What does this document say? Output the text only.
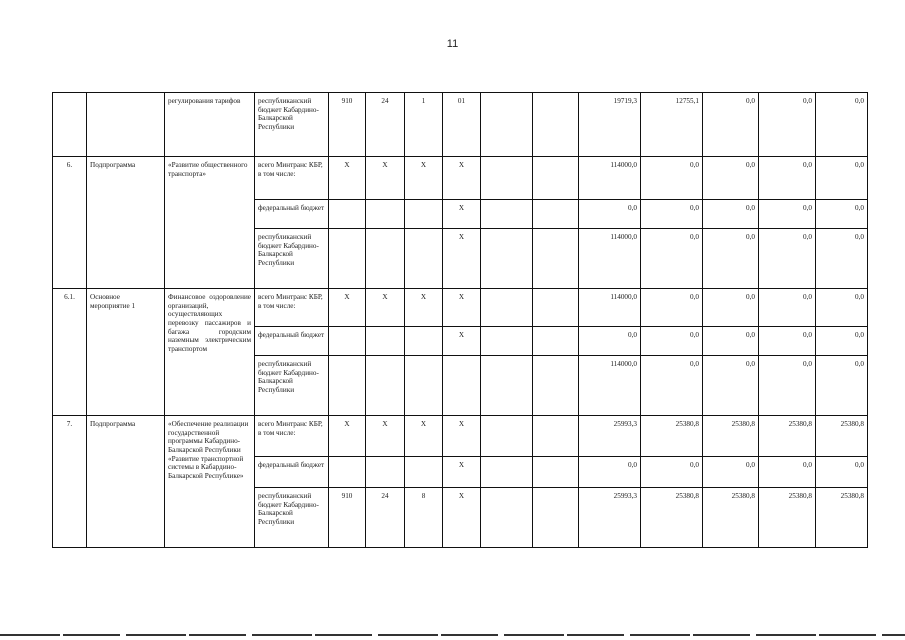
11
		регулирования тарифов	республиканский бюджет Кабардино-Балкарской Республики	910	24	1	01			19719,3	12755,1	0,0	0,0	0,0
6.	Подпрограмма	«Развитие общественного транспорта»	всего Минтранс КБР, в том числе:	X	X	X	X			114000,0	0,0	0,0	0,0	0,0
			федеральный бюджет				X			0,0	0,0	0,0	0,0	0,0
			республиканский бюджет Кабардино-Балкарской Республики				X			114000,0	0,0	0,0	0,0	0,0
6.1.	Основное мероприятие 1	Финансовое оздоровление организаций, осуществляющих перевозку пассажиров и багажа городским наземным электрическим транспортом	всего Минтранс КБР, в том числе:	X	X	X	X			114000,0	0,0	0,0	0,0	0,0
			федеральный бюджет				X			0,0	0,0	0,0	0,0	0,0
			республиканский бюджет Кабардино-Балкарской Республики							114000,0	0,0	0,0	0,0	0,0
7.	Подпрограмма	«Обеспечение реализации государственной программы Кабардино-Балкарской Республики «Развитие транспортной системы в Кабардино-Балкарской Республике»	всего Минтранс КБР, в том числе:	X	X	X	X			25993,3	25380,8	25380,8	25380,8	25380,8
			федеральный бюджет				X			0,0	0,0	0,0	0,0	0,0
			республиканский бюджет Кабардино-Балкарской Республики	910	24	8	X			25993,3	25380,8	25380,8	25380,8	25380,8
